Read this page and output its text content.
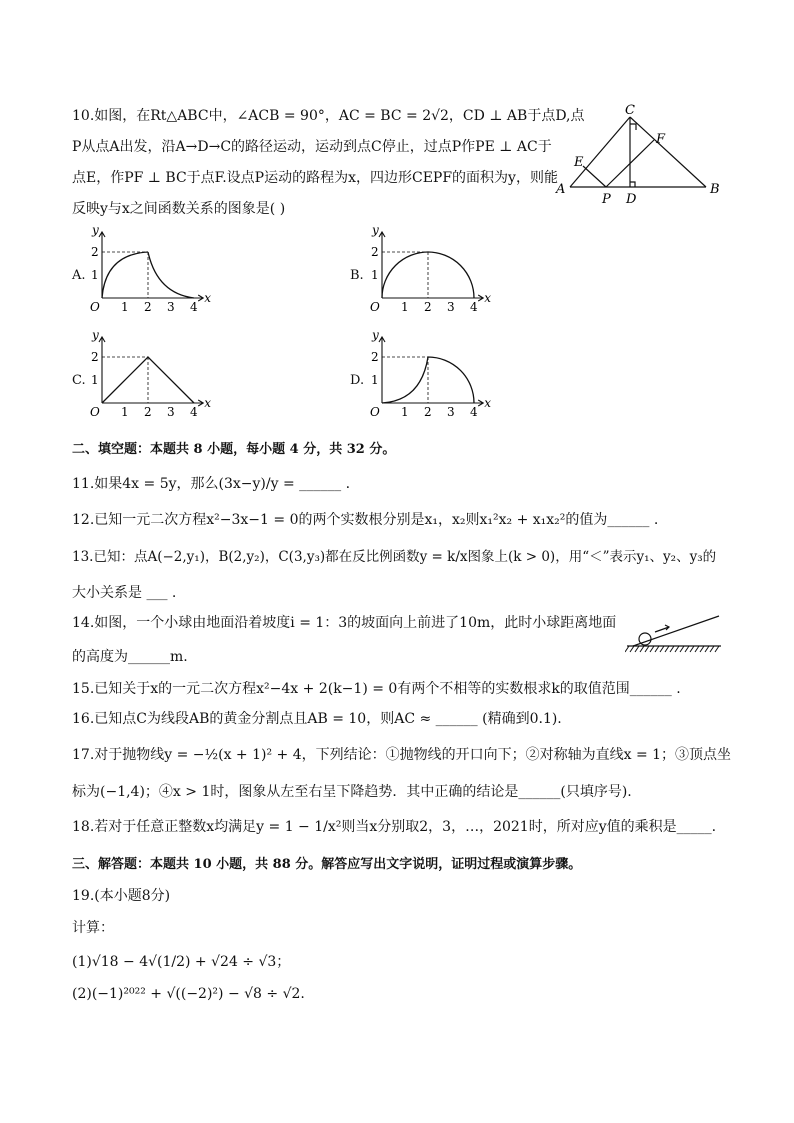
10.如图，在Rt△ABC中，∠ACB = 90°，AC = BC = 2√2，CD ⊥ AB于点D,点
P从点A出发，沿A→D→C的路径运动，运动到点C停止，过点P作PE ⊥ AC于
点E，作PF ⊥ BC于点F.设点P运动的路程为x，四边形CEPF的面积为y，则能
反映y与x之间函数关系的图象是( )
C
F
E
A
P D
B
A.
O 1 2 3 4
1
2
x
y
B.
O 1 2 3 4
1
2
x
y
C.
O 1 2 3 4
1
2
x
y
D.
O 1 2 3 4
1
2
x
y
二、填空题：本题共 8 小题，每小题 4 分，共 32 分。
11.如果4x = 5y，那么(3x−y)/y = ______ .
12.已知一元二次方程x²−3x−1 = 0的两个实数根分别是x₁，x₂则x₁²x₂ + x₁x₂²的值为______ .
13.已知：点A(−2,y₁)，B(2,y₂)，C(3,y₃)都在反比例函数y = k/x图象上(k > 0)，用“＜”表示y₁、y₂、y₃的
大小关系是 ___ .
14.如图，一个小球由地面沿着坡度i = 1：3的坡面向上前进了10m，此时小球距离地面
的高度为______m.
15.已知关于x的一元二次方程x²−4x + 2(k−1) = 0有两个不相等的实数根求k的取值范围______ .
16.已知点C为线段AB的黄金分割点且AB = 10，则AC ≈ ______ (精确到0.1).
17.对于抛物线y = −½(x + 1)² + 4，下列结论：①抛物线的开口向下；②对称轴为直线x = 1；③顶点坐
标为(−1,4)；④x > 1时，图象从左至右呈下降趋势．其中正确的结论是______(只填序号).
18.若对于任意正整数x均满足y = 1 − 1/x²则当x分别取2，3，…，2021时，所对应y值的乘积是_____.
三、解答题：本题共 10 小题，共 88 分。解答应写出文字说明，证明过程或演算步骤。
19.(本小题8分)
计算：
(1)√18 − 4√(1/2) + √24 ÷ √3；
(2)(−1)²⁰²² + √((−2)²) − √8 ÷ √2.
